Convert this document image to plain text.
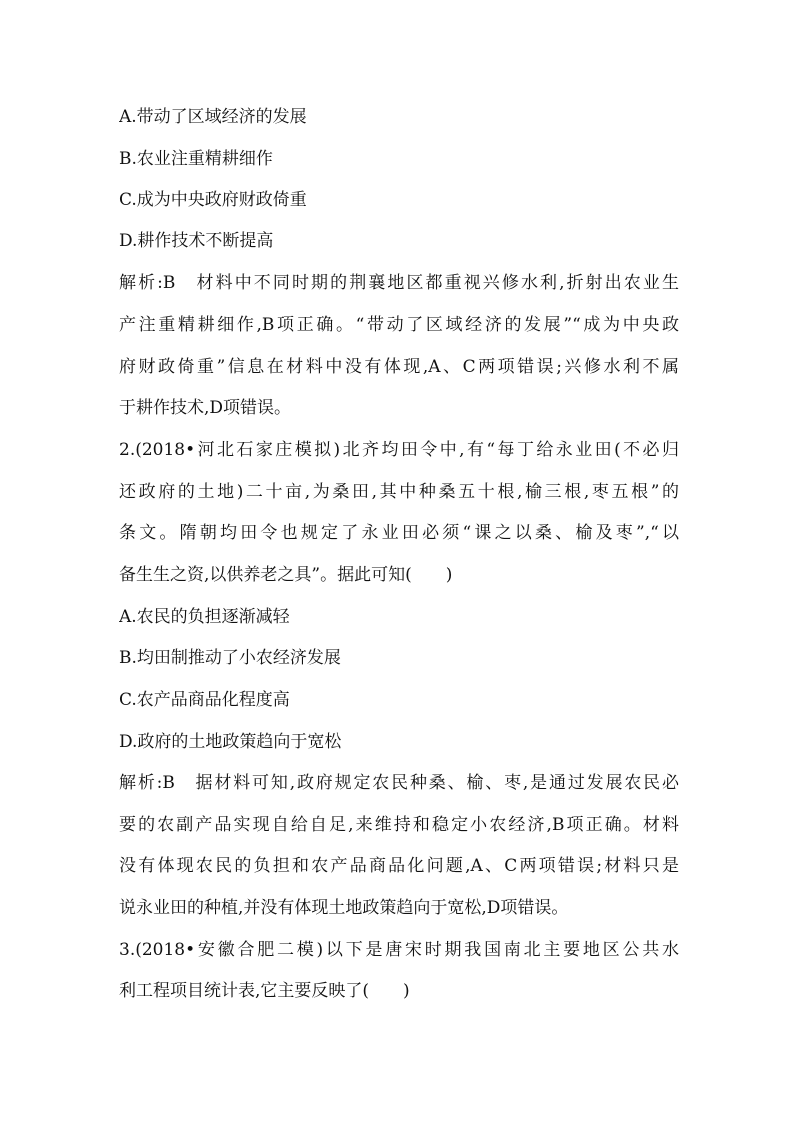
A.带动了区域经济的发展
B.农业注重精耕细作
C.成为中央政府财政倚重
D.耕作技术不断提高
解析:B　材料中不同时期的荆襄地区都重视兴修水利,折射出农业生
产注重精耕细作,B项正确。“带动了区域经济的发展”“成为中央政
府财政倚重”信息在材料中没有体现,A、C两项错误;兴修水利不属
于耕作技术,D项错误。
2.(2018•河北石家庄模拟)北齐均田令中,有“每丁给永业田(不必归
还政府的土地)二十亩,为桑田,其中种桑五十根,榆三根,枣五根”的
条文。隋朝均田令也规定了永业田必须“课之以桑、榆及枣”,“以
备生生之资,以供养老之具”。据此可知(　　)
A.农民的负担逐渐减轻
B.均田制推动了小农经济发展
C.农产品商品化程度高
D.政府的土地政策趋向于宽松
解析:B　据材料可知,政府规定农民种桑、榆、枣,是通过发展农民必
要的农副产品实现自给自足,来维持和稳定小农经济,B项正确。材料
没有体现农民的负担和农产品商品化问题,A、C两项错误;材料只是
说永业田的种植,并没有体现土地政策趋向于宽松,D项错误。
3.(2018•安徽合肥二模)以下是唐宋时期我国南北主要地区公共水
利工程项目统计表,它主要反映了(　　)
